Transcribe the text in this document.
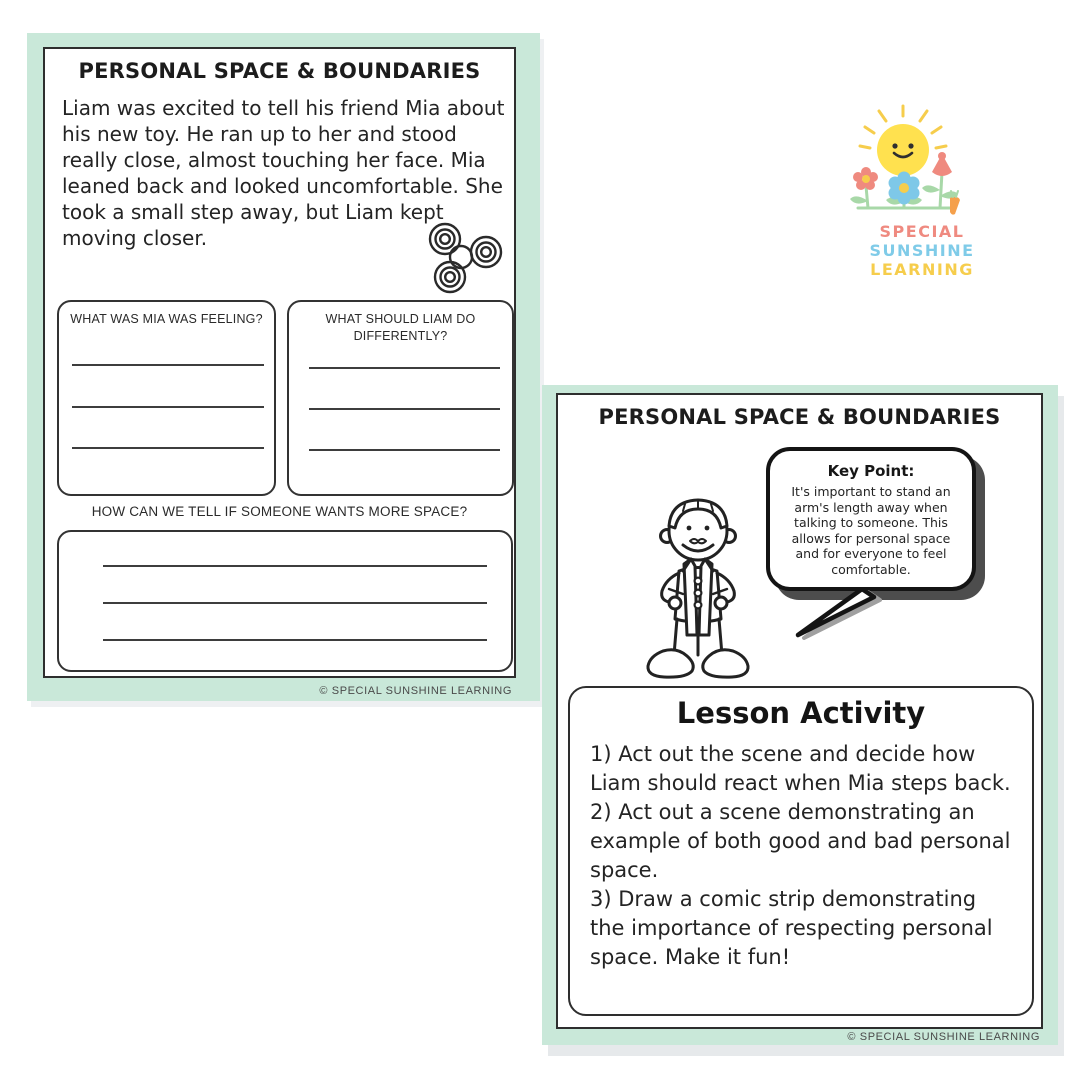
PERSONAL SPACE & BOUNDARIES
Liam was excited to tell his friend Mia about his new toy. He ran up to her and stood really close, almost touching her face. Mia leaned back and looked uncomfortable. She took a small step away, but Liam kept moving closer.
WHAT WAS MIA WAS FEELING?	WHAT SHOULD LIAM DO DIFFERENTLY?
HOW CAN WE TELL IF SOMEONE WANTS MORE SPACE?
© SPECIAL SUNSHINE LEARNING
SPECIAL
SUNSHINE
LEARNING
PERSONAL SPACE & BOUNDARIES
Key Point:
It's important to stand an arm's length away when talking to someone. This allows for personal space and for everyone to feel comfortable.
Lesson Activity

1) Act out the scene and decide how Liam should react when Mia steps back.

2) Act out a scene demonstrating an example of both good and bad personal space.

3) Draw a comic strip demonstrating the importance of respecting personal space. Make it fun!

© SPECIAL SUNSHINE LEARNING
